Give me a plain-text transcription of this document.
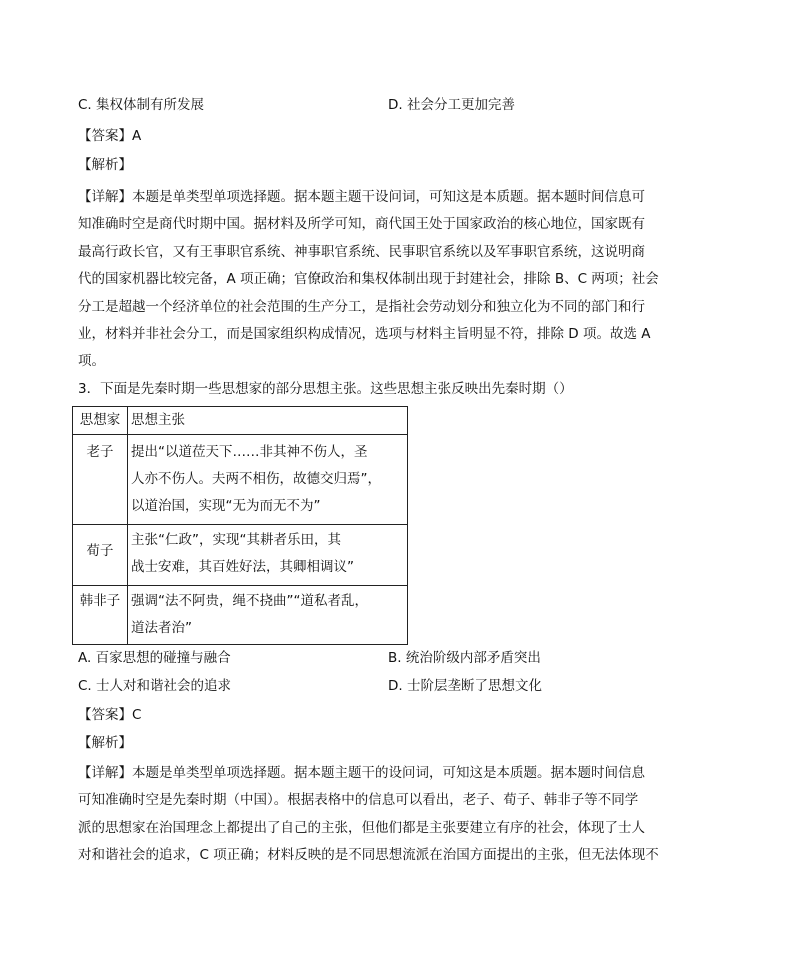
C. 集权体制有所发展	D. 社会分工更加完善
【答案】A
【解析】
【详解】本题是单类型单项选择题。据本题主题干设问词，可知这是本质题。据本题时间信息可
知准确时空是商代时期中国。据材料及所学可知，商代国王处于国家政治的核心地位，国家既有
最高行政长官，又有王事职官系统、神事职官系统、民事职官系统以及军事职官系统，这说明商
代的国家机器比较完备，A 项正确；官僚政治和集权体制出现于封建社会，排除 B、C 两项；社会
分工是超越一个经济单位的社会范围的生产分工，是指社会劳动划分和独立化为不同的部门和行
业，材料并非社会分工，而是国家组织构成情况，选项与材料主旨明显不符，排除 D 项。故选 A
项。
3．下面是先秦时期一些思想家的部分思想主张。这些思想主张反映出先秦时期（）
思想家	思想主张
老子	提出“以道莅天下……非其神不伤人，圣
人亦不伤人。夫两不相伤，故德交归焉”，
以道治国，实现“无为而无不为”

荀子	主张“仁政”，实现“其耕者乐田，其
战士安难，其百姓好法，其卿相调议”

韩非子	强调“法不阿贵，绳不挠曲”“道私者乱，
道法者治”
A. 百家思想的碰撞与融合	B. 统治阶级内部矛盾突出
C. 士人对和谐社会的追求	D. 士阶层垄断了思想文化
【答案】C
【解析】
【详解】本题是单类型单项选择题。据本题主题干的设问词，可知这是本质题。据本题时间信息
可知准确时空是先秦时期（中国）。根据表格中的信息可以看出，老子、荀子、韩非子等不同学
派的思想家在治国理念上都提出了自己的主张，但他们都是主张要建立有序的社会，体现了士人
对和谐社会的追求，C 项正确；材料反映的是不同思想流派在治国方面提出的主张，但无法体现不
